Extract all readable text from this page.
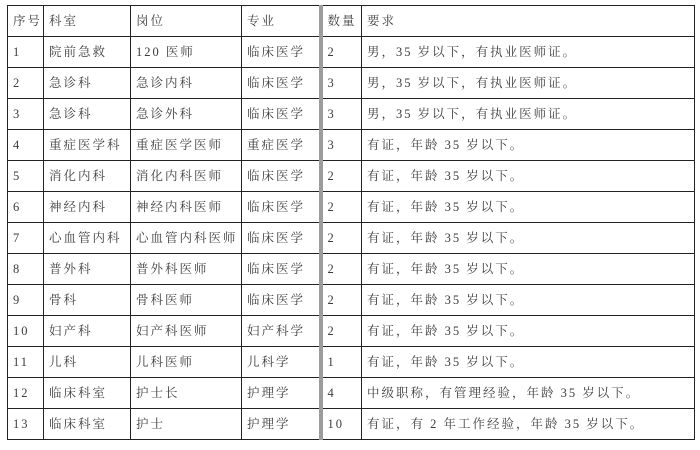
序号	科室	岗位	专业	数量	要求
1	院前急救	120 医师	临床医学	2	男，35 岁以下，有执业医师证。
2	急诊科	急诊内科	临床医学	3	男，35 岁以下，有执业医师证。
3	急诊科	急诊外科	临床医学	3	男，35 岁以下，有执业医师证。
4	重症医学科	重症医学医师	重症医学	3	有证，年龄 35 岁以下。
5	消化内科	消化内科医师	临床医学	2	有证，年龄 35 岁以下。
6	神经内科	神经内科医师	临床医学	2	有证，年龄 35 岁以下。
7	心血管内科	心血管内科医师	临床医学	2	有证，年龄 35 岁以下。
8	普外科	普外科医师	临床医学	2	有证，年龄 35 岁以下。
9	骨科	骨科医师	临床医学	2	有证，年龄 35 岁以下。
10	妇产科	妇产科医师	妇产科学	2	有证，年龄 35 岁以下。
11	儿科	儿科医师	儿科学	1	有证，年龄 35 岁以下。
12	临床科室	护士长	护理学	4	中级职称，有管理经验，年龄 35 岁以下。
13	临床科室	护士	护理学	10	有证，有 2 年工作经验，年龄 35 岁以下。
